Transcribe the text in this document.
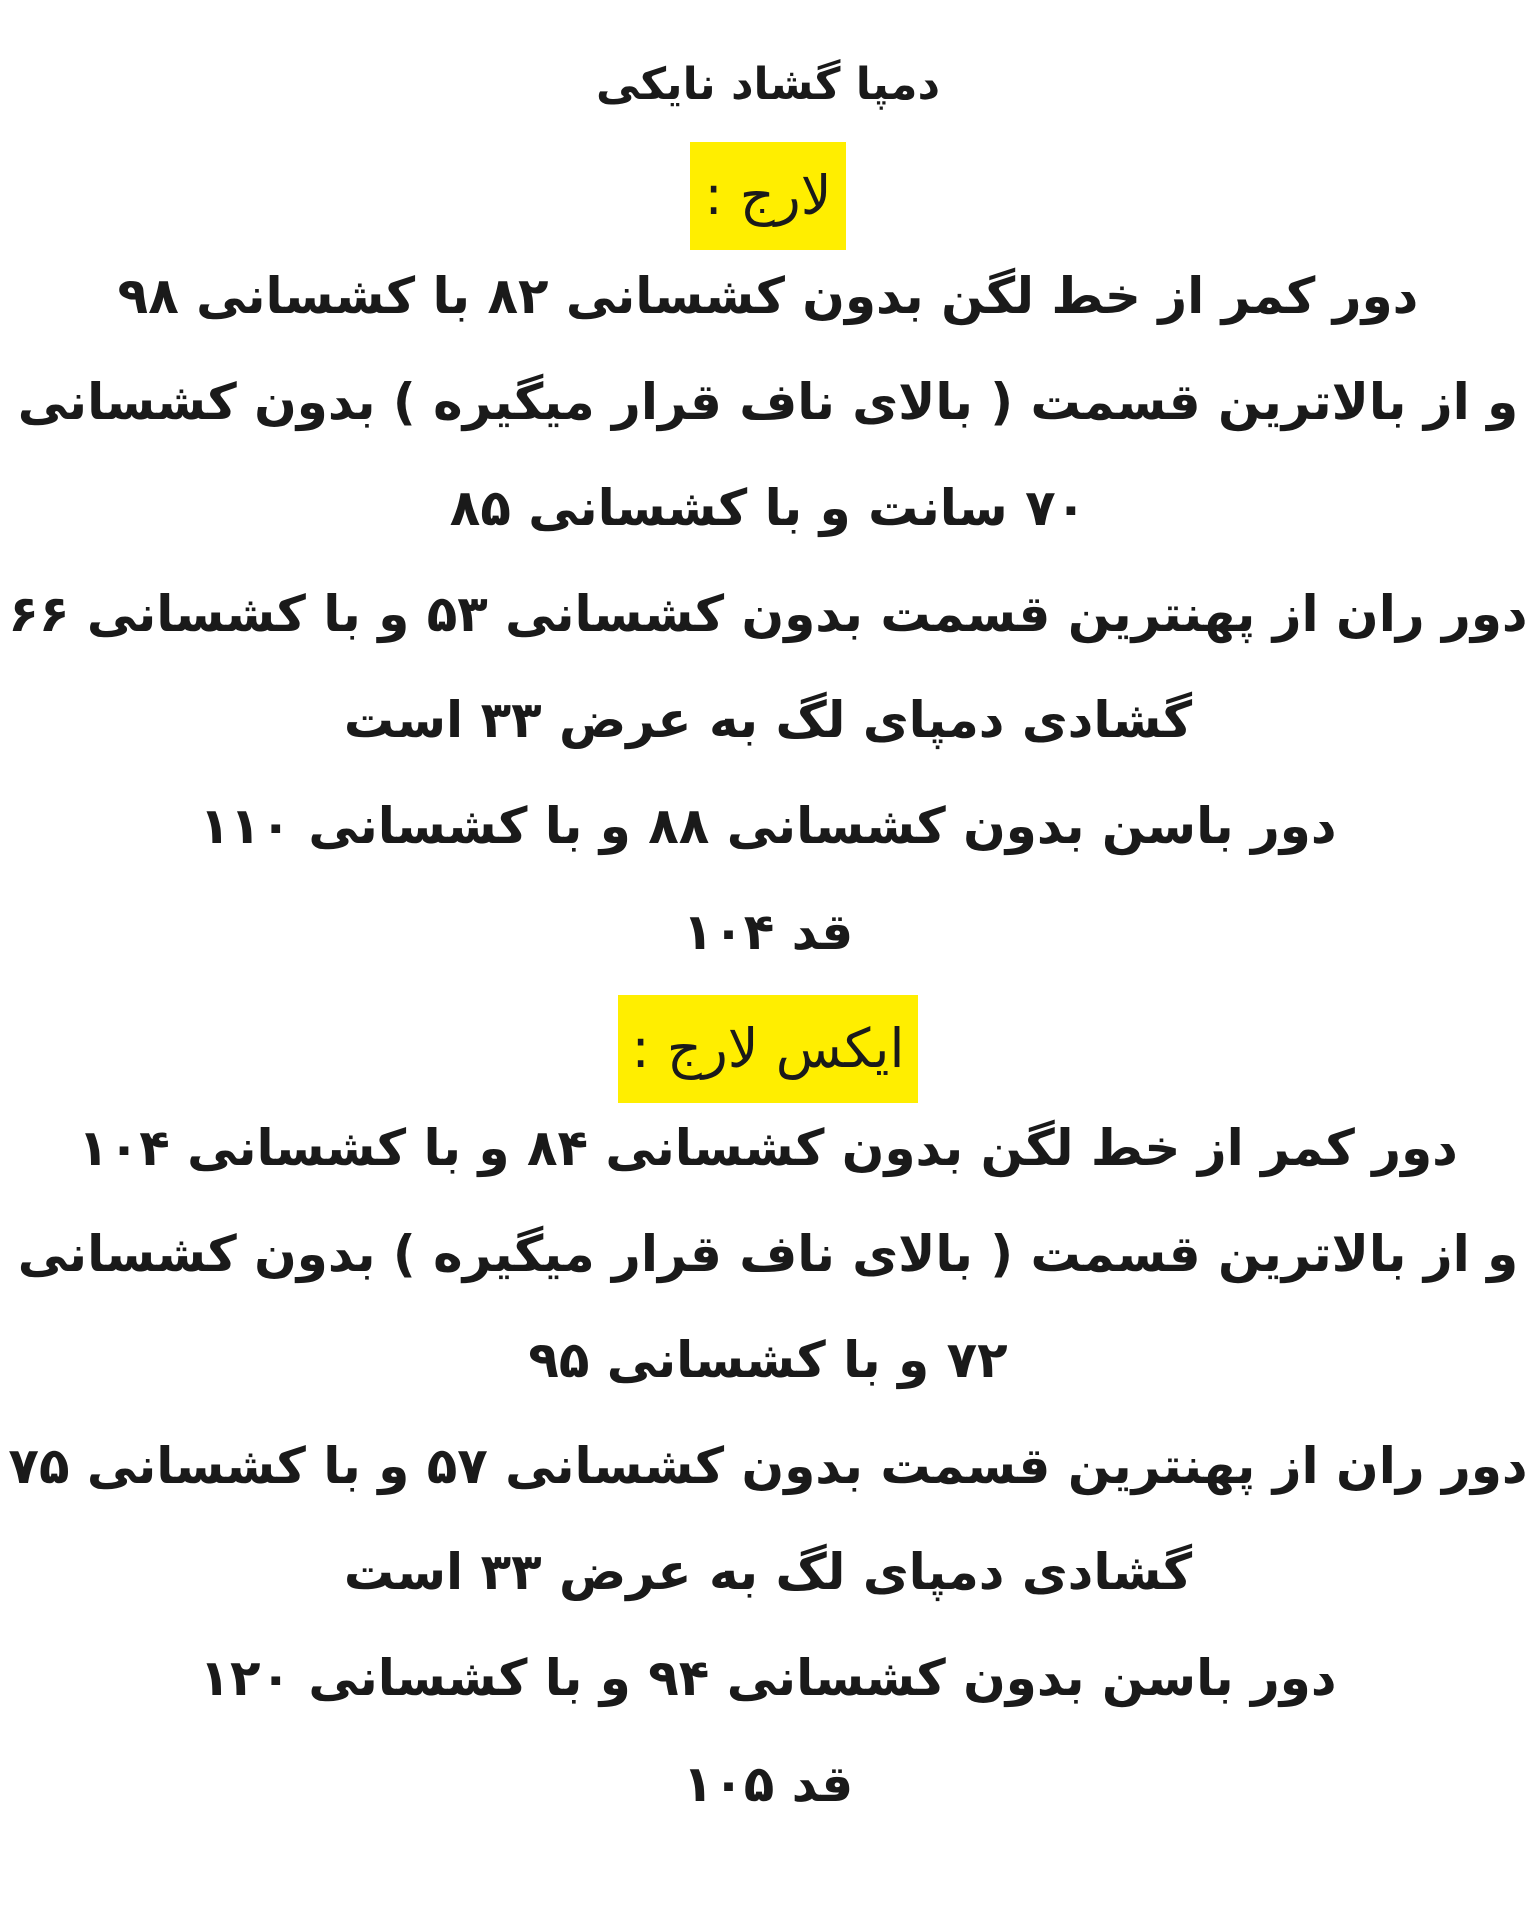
دمپا گشاد نایکی
لارج :
دور کمر از خط لگن بدون کشسانی ۸۲ با کشسانی ۹۸
و از بالاترین قسمت ( بالای ناف قرار میگیره ) بدون کشسانی
۷۰ سانت و با کشسانی ۸۵
دور ران از پهنترین قسمت بدون کشسانی ۵۳ و با کشسانی ۶۶
گشادی دمپای لگ به عرض ۳۳ است
دور باسن بدون کشسانی ۸۸ و با کشسانی ۱۱۰
قد ۱۰۴
ایکس لارج :
دور کمر از خط لگن بدون کشسانی ۸۴ و با کشسانی ۱۰۴
و از بالاترین قسمت ( بالای ناف قرار میگیره ) بدون کشسانی
۷۲ و با کشسانی ۹۵
دور ران از پهنترین قسمت بدون کشسانی ۵۷ و با کشسانی ۷۵
گشادی دمپای لگ به عرض ۳۳ است
دور باسن بدون کشسانی ۹۴ و با کشسانی ۱۲۰
قد ۱۰۵
